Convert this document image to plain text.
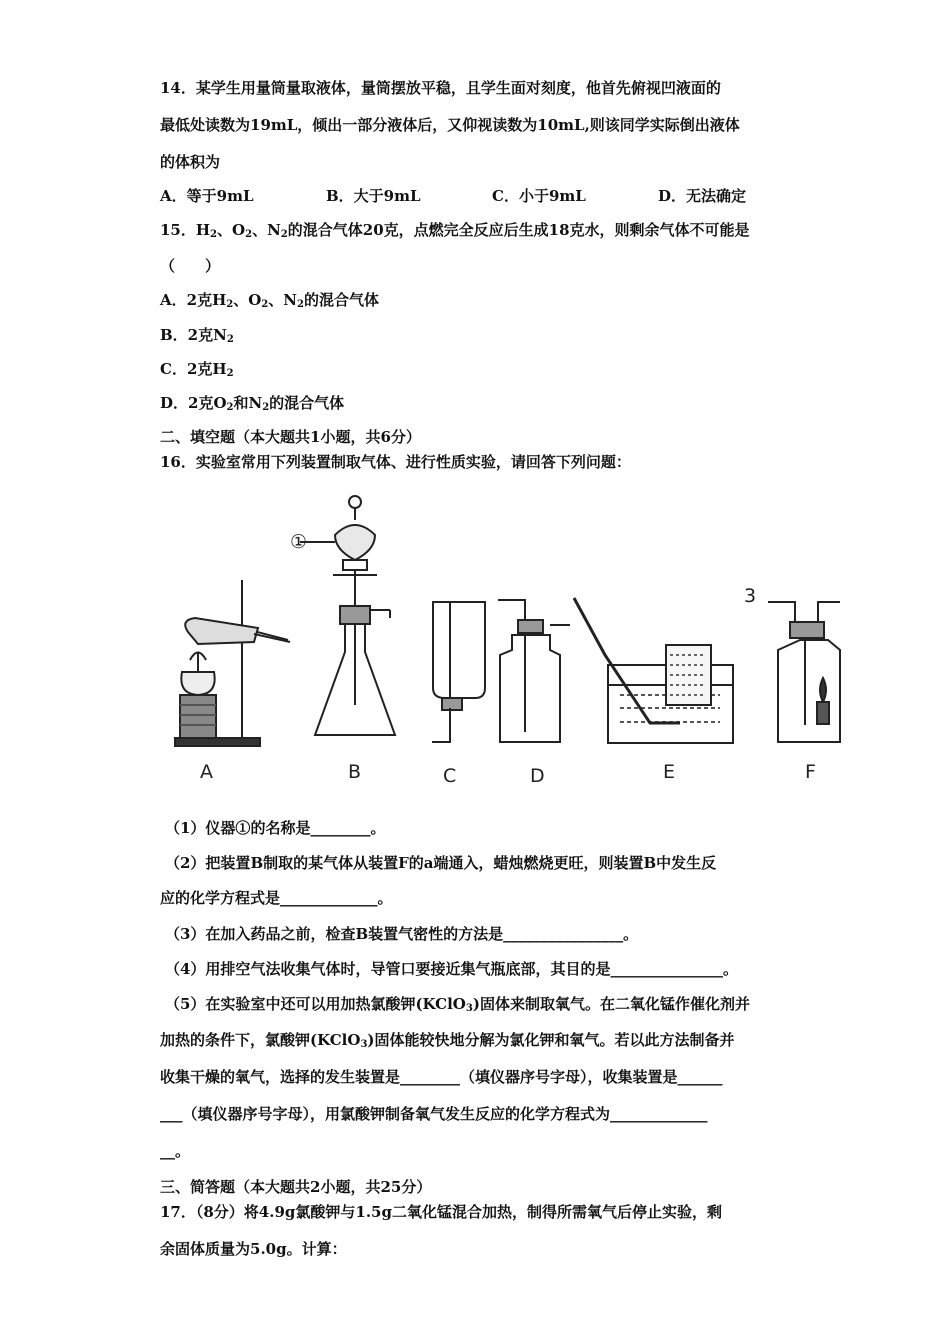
14．某学生用量筒量取液体，量筒摆放平稳，且学生面对刻度，他首先俯视凹液面的
最低处读数为19mL，倾出一部分液体后，又仰视读数为10mL,则该同学实际倒出液体
的体积为
A．等于9mL	B．大于9mL	C．小于9mL	D．无法确定
15．$H_2$、$O_2$、$N_2$的混合气体20克，点燃完全反应后生成18克水，则剩余气体不可能是
（　　）
A．2克$H_2$、$O_2$、$N_2$的混合气体
B．2克$N_2$
C．2克$H_2$
D．2克$O_2$和$N_2$的混合气体
二、填空题（本大题共1小题，共6分）
16．实验室常用下列装置制取气体、进行性质实验，请回答下列问题：
A	B	C	D	E	F
①
3
（1）仪器①的名称是________。
（2）把装置B制取的某气体从装置F的a端通入，蜡烛燃烧更旺，则装置B中发生反
应的化学方程式是_____________。
（3）在加入药品之前，检查B装置气密性的方法是________________。
（4）用排空气法收集气体时，导管口要接近集气瓶底部，其目的是_______________。
（5）在实验室中还可以用加热氯酸钾(KClO$_3$)固体来制取氧气。在二氧化锰作催化剂并
加热的条件下，氯酸钾(KClO$_3$)固体能较快地分解为氯化钾和氧气。若以此方法制备并
收集干燥的氧气，选择的发生装置是________（填仪器序号字母），收集装置是______
___（填仪器序号字母），用氯酸钾制备氧气发生反应的化学方程式为_____________
__。
三、简答题（本大题共2小题，共25分）
17．（8分）将4.9g氯酸钾与1.5g二氧化锰混合加热，制得所需氧气后停止实验，剩
余固体质量为5.0g。计算：
